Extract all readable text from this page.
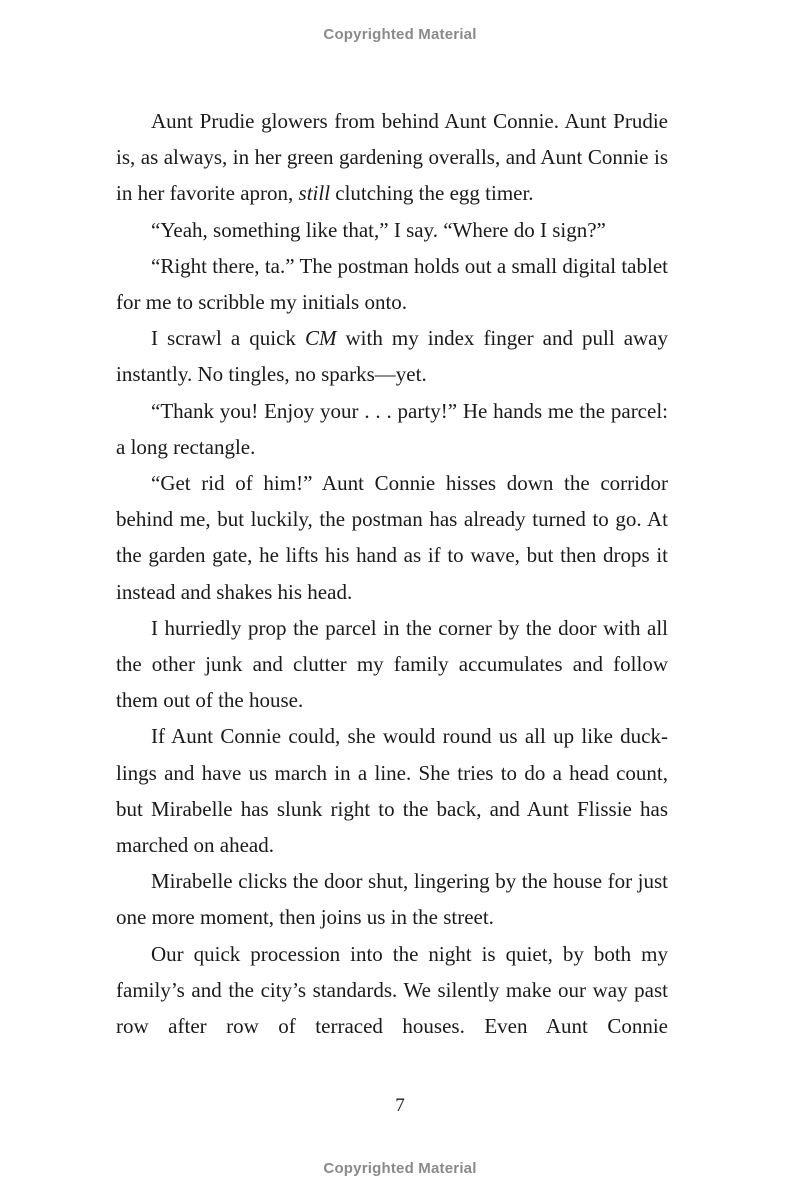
Copyrighted Material

Aunt Prudie glowers from behind Aunt Connie. Aunt Prudie is, as always, in her green gardening overalls, and Aunt Connie is in her favorite apron, still clutching the egg timer.

“Yeah, something like that,” I say. “Where do I sign?”

“Right there, ta.” The postman holds out a small digital tablet for me to scribble my initials onto.

I scrawl a quick CM with my index finger and pull away instantly. No tingles, no sparks—yet.

“Thank you! Enjoy your . . . party!” He hands me the parcel: a long rectangle.

“Get rid of him!” Aunt Connie hisses down the corridor behind me, but luckily, the postman has already turned to go. At the garden gate, he lifts his hand as if to wave, but then drops it instead and shakes his head.

I hurriedly prop the parcel in the corner by the door with all the other junk and clutter my family accumulates and follow them out of the house.

If Aunt Connie could, she would round us all up like ducklings and have us march in a line. She tries to do a head count, but Mirabelle has slunk right to the back, and Aunt Flissie has marched on ahead.

Mirabelle clicks the door shut, lingering by the house for just one more moment, then joins us in the street.

Our quick procession into the night is quiet, by both my family’s and the city’s standards. We silently make our way past row after row of terraced houses. Even Aunt Connie

7
Copyrighted Material
